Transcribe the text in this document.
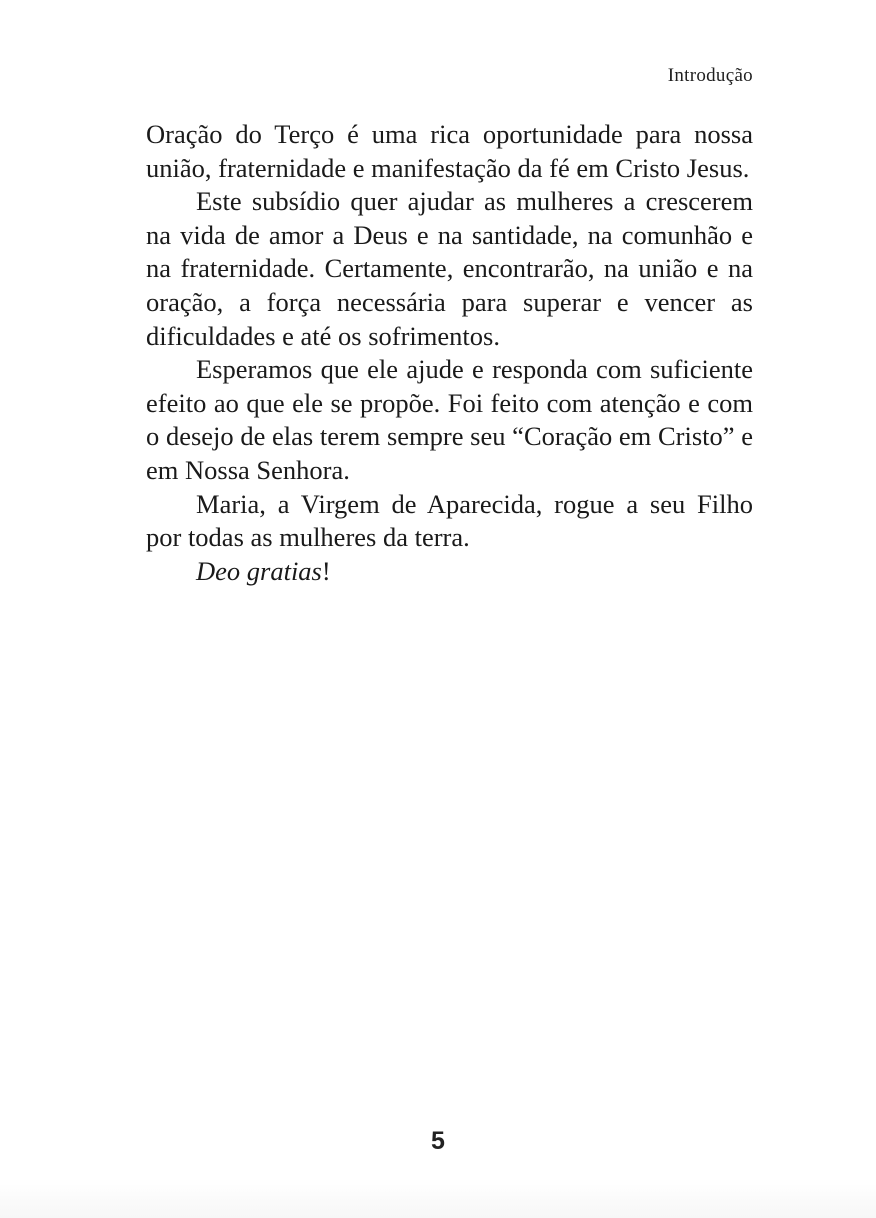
Introdução

Oração do Terço é uma rica oportunidade para nossa união, fraternidade e manifestação da fé em Cristo Jesus.

Este subsídio quer ajudar as mulheres a crescerem na vida de amor a Deus e na santidade, na comunhão e na fraternidade. Certamente, encontrarão, na união e na oração, a força necessária para superar e vencer as dificuldades e até os sofrimentos.

Esperamos que ele ajude e responda com suficiente efeito ao que ele se propõe. Foi feito com atenção e com o desejo de elas terem sempre seu “Coração em Cristo” e em Nossa Senhora.

Maria, a Virgem de Aparecida, rogue a seu Filho por todas as mulheres da terra.

Deo gratias!

5
